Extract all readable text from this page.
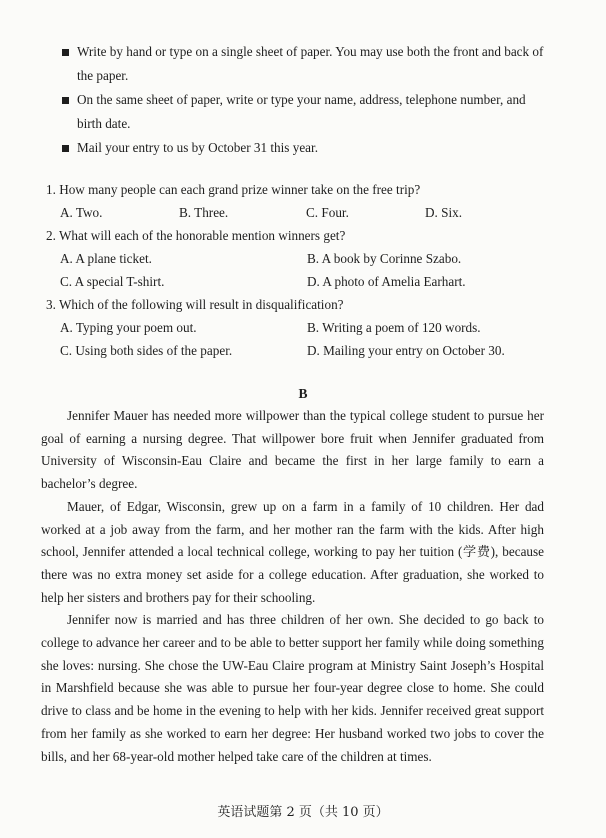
Write by hand or type on a single sheet of paper. You may use both the front and back of the paper.
On the same sheet of paper, write or type your name, address, telephone number, and birth date.
Mail your entry to us by October 31 this year.
1. How many people can each grand prize winner take on the free trip?
A. Two.	B. Three.	C. Four.	D. Six.
2. What will each of the honorable mention winners get?
A. A plane ticket.	B. A book by Corinne Szabo.
C. A special T-shirt.	D. A photo of Amelia Earhart.
3. Which of the following will result in disqualification?
A. Typing your poem out.	B. Writing a poem of 120 words.
C. Using both sides of the paper.	D. Mailing your entry on October 30.
B

Jennifer Mauer has needed more willpower than the typical college student to pursue her goal of earning a nursing degree. That willpower bore fruit when Jennifer graduated from University of Wisconsin-Eau Claire and became the first in her large family to earn a bachelor’s degree.

Mauer, of Edgar, Wisconsin, grew up on a farm in a family of 10 children. Her dad worked at a job away from the farm, and her mother ran the farm with the kids. After high school, Jennifer attended a local technical college, working to pay her tuition (学费), because there was no extra money set aside for a college education. After graduation, she worked to help her sisters and brothers pay for their schooling.

Jennifer now is married and has three children of her own. She decided to go back to college to advance her career and to be able to better support her family while doing something she loves: nursing. She chose the UW-Eau Claire program at Ministry Saint Joseph’s Hospital in Marshfield because she was able to pursue her four-year degree close to home. She could drive to class and be home in the evening to help with her kids. Jennifer received great support from her family as she worked to earn her degree: Her husband worked two jobs to cover the bills, and her 68-year-old mother helped take care of the children at times.

英语试题第 2 页（共 10 页）
